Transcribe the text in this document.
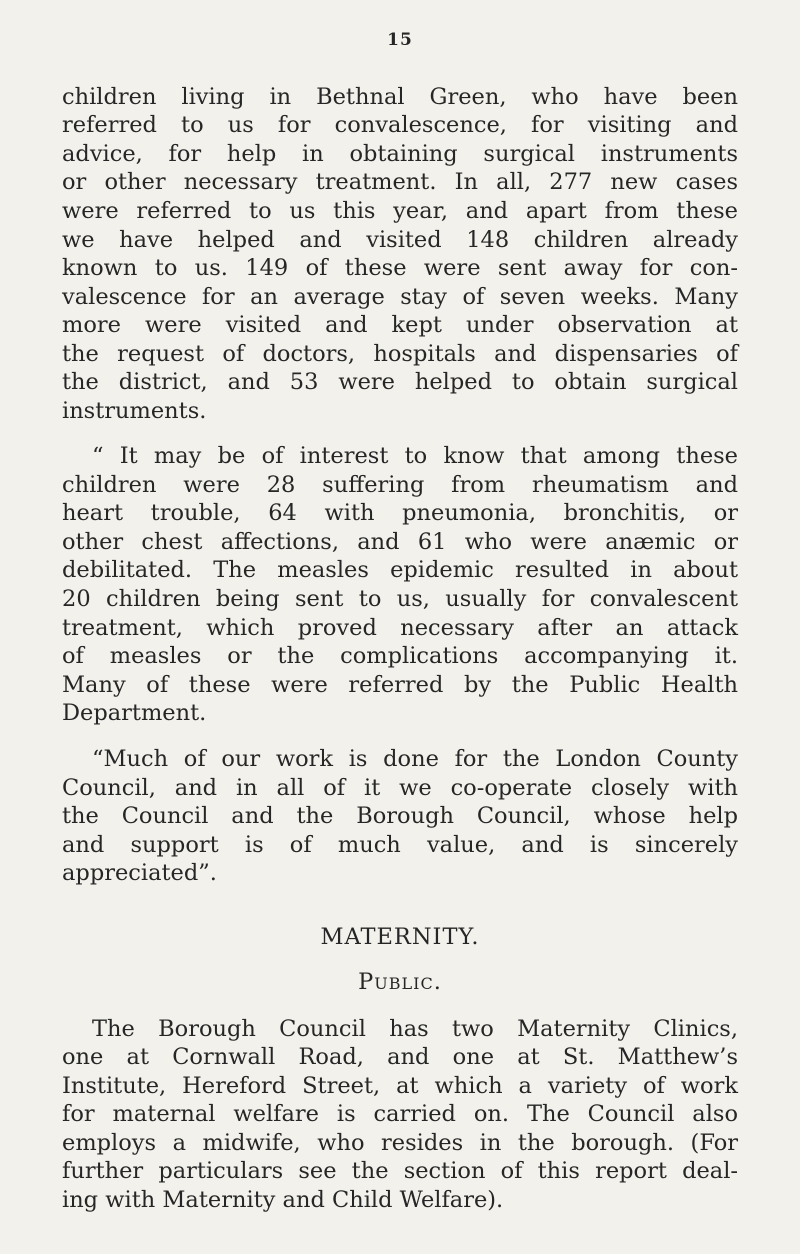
15
children living in Bethnal Green, who have been
referred to us for convalescence, for visiting and
advice, for help in obtaining surgical instruments
or other necessary treatment. In all, 277 new cases
were referred to us this year, and apart from these
we have helped and visited 148 children already
known to us. 149 of these were sent away for con-
valescence for an average stay of seven weeks. Many
more were visited and kept under observation at
the request of doctors, hospitals and dispensaries of
the district, and 53 were helped to obtain surgical
instruments.
“ It may be of interest to know that among these
children were 28 suffering from rheumatism and
heart trouble, 64 with pneumonia, bronchitis, or
other chest affections, and 61 who were anæmic or
debilitated. The measles epidemic resulted in about
20 children being sent to us, usually for convalescent
treatment, which proved necessary after an attack
of measles or the complications accompanying it.
Many of these were referred by the Public Health
Department.
“Much of our work is done for the London County
Council, and in all of it we co-operate closely with
the Council and the Borough Council, whose help
and support is of much value, and is sincerely
appreciated”.
MATERNITY.
Public.
The Borough Council has two Maternity Clinics,
one at Cornwall Road, and one at St. Matthew’s
Institute, Hereford Street, at which a variety of work
for maternal welfare is carried on. The Council also
employs a midwife, who resides in the borough. (For
further particulars see the section of this report deal-
ing with Maternity and Child Welfare).
